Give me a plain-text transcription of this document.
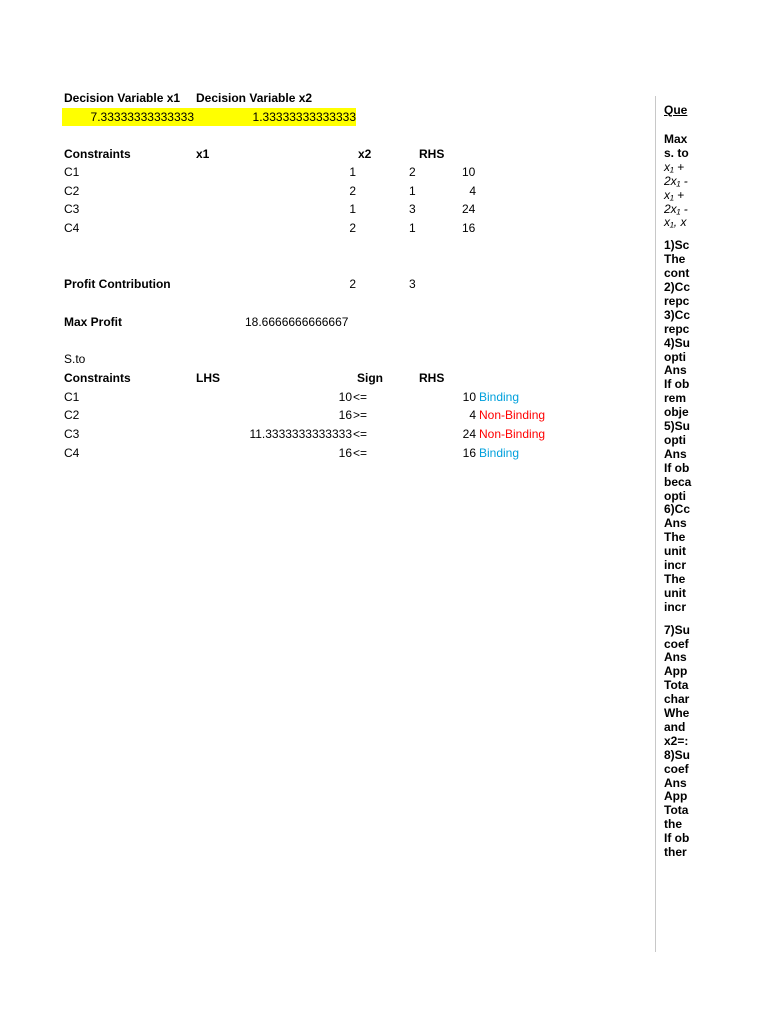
Decision Variable x1 Decision Variable x2
7.33333333333333	1.33333333333333
Constraints	x1	x2	RHS
C1	1	2	10
C2	2	1	4
C3	1	3	24
C4	2	1	16
Profit Contribution	2	3
Max Profit	18.6666666666667
S.to
Constraints	LHS	Sign	RHS
C1	10 <=	10 Binding
C2	16 >=	4 Non-Binding
C3	11.3333333333333 <=	24 Non-Binding
C4	16 <=	16 Binding
Que
Max
s. to
x₁ +
2x₁ -
x₁ +
2x₁ -
x₁, x
1)Sc
The
cont
2)Cc
repc
3)Cc
repc
4)Su
opti
Ans
If ob
rem
obje
5)Su
opti
Ans
If ob
beca
opti
6)Cc
Ans
The
unit
incr
The
unit
incr
7)Su
coef
Ans
App
Tota
char
Whe
and
x2=:
8)Su
coef
Ans
App
Tota
the
If ob
ther
